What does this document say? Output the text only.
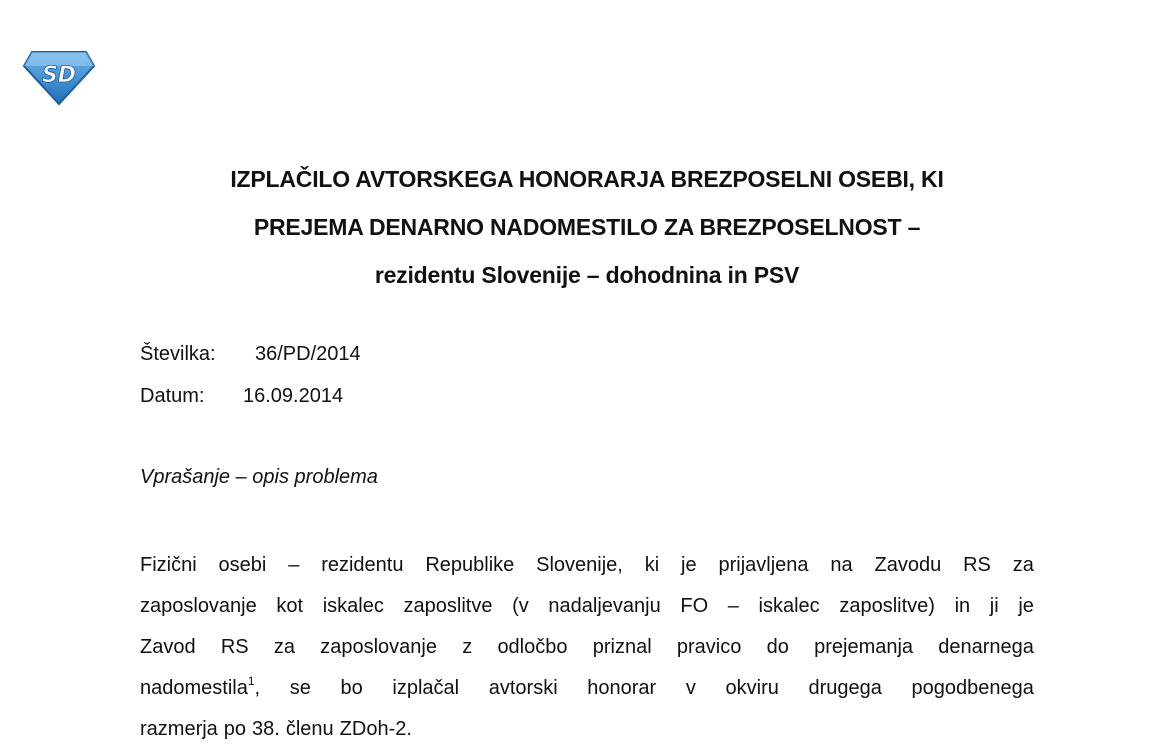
SD
IZPLAČILO AVTORSKEGA HONORARJA BREZPOSELNI OSEBI, KI
PREJEMA DENARNO NADOMESTILO ZA BREZPOSELNOST –
rezidentu Slovenije – dohodnina in PSV
Številka: 36/PD/2014
Datum: 16.09.2014
Vprašanje – opis problema
Fizični osebi – rezidentu Republike Slovenije, ki je prijavljena na Zavodu RS za
zaposlovanje kot iskalec zaposlitve (v nadaljevanju FO – iskalec zaposlitve) in ji je
Zavod RS za zaposlovanje z odločbo priznal pravico do prejemanja denarnega
nadomestila$^1$, se bo izplačal avtorski honorar v okviru drugega pogodbenega
razmerja po 38. členu ZDoh-2.
